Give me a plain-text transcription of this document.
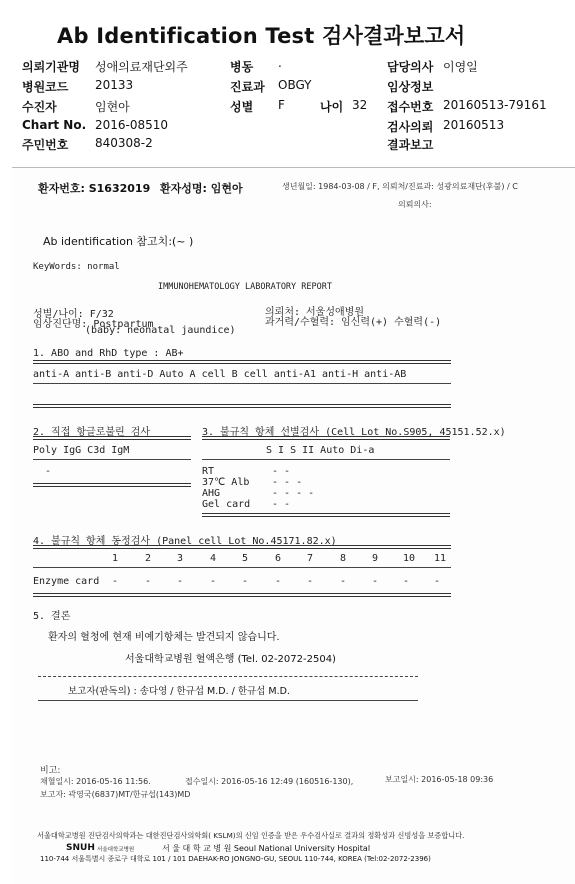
Ab Identification Test 검사결과보고서
의뢰기관명 성애의료재단외주
병원코드 20133
수진자	임현아
Chart No. 2016-08510
주민번호 840308-2
병동 .
진료과 OBGY
성별 F	나이 32
담당의사 이영일
임상정보
접수번호 20160513-79161
검사의뢰 20160513
결과보고
환자번호: S1632019 환자성명: 임현아	생년월일: 1984-03-08 / F, 의뢰처/진료과: 성광의료재단(후불) / C
의뢰의사:
Ab identification 참고치:(~ )
KeyWords: normal
IMMUNOHEMATOLOGY LABORATORY REPORT
성별/나이: F/32
임상진단명: Postpartum
(baby: neonatal jaundice)
의뢰처: 서울성애병원
과거력/수혈력: 임신력(+) 수혈력(-)
1. ABO and RhD type : AB+
anti-A anti-B anti-D Auto A cell B cell anti-A1 anti-H anti-AB
2. 직접 항글로불린 검사
Poly IgG C3d IgM
-
3. 불규칙 항체 선별검사 (Cell Lot No.S905, 45151.52.x)
S I S II Auto Di-a
RT	- -
37℃ Alb - - -
AHG	- - - -
Gel card - -
4. 불규칙 항체 동정검사 (Panel cell Lot No.45171.82.x)
1	2	3	4	5	6	7	8	9 10 11
Enzyme card -	-	-	-	-	-	-	-	- - -
5. 결론
환자의 혈청에 현재 비예기항체는 발견되지 않습니다.
서울대학교병원 혈액은행 (Tel. 02-2072-2504)
보고자(판독의) : 송다영 / 한규섭 M.D. / 한규섭 M.D.
비고:
채혈일시: 2016-05-16 11:56.	접수일시: 2016-05-16 12:49 (160516-130),	보고일시: 2016-05-18 09:36
보고자: 곽영국(6837)MT/한규섭(143)MD
서울대학교병원 진단검사의학과는 대한진단검사의학회( KSLM)의 신임 인증을 받은 우수검사실로 결과의 정확성과 신빙성을 보증합니다.
SNUH 서울대학교병원	서 울 대 학 교 병 원 Seoul National University Hospital
110-744 서울특별시 종로구 대학로 101 / 101 DAEHAK-RO JONGNO-GU, SEOUL 110-744, KOREA (Tel:02-2072-2396)
